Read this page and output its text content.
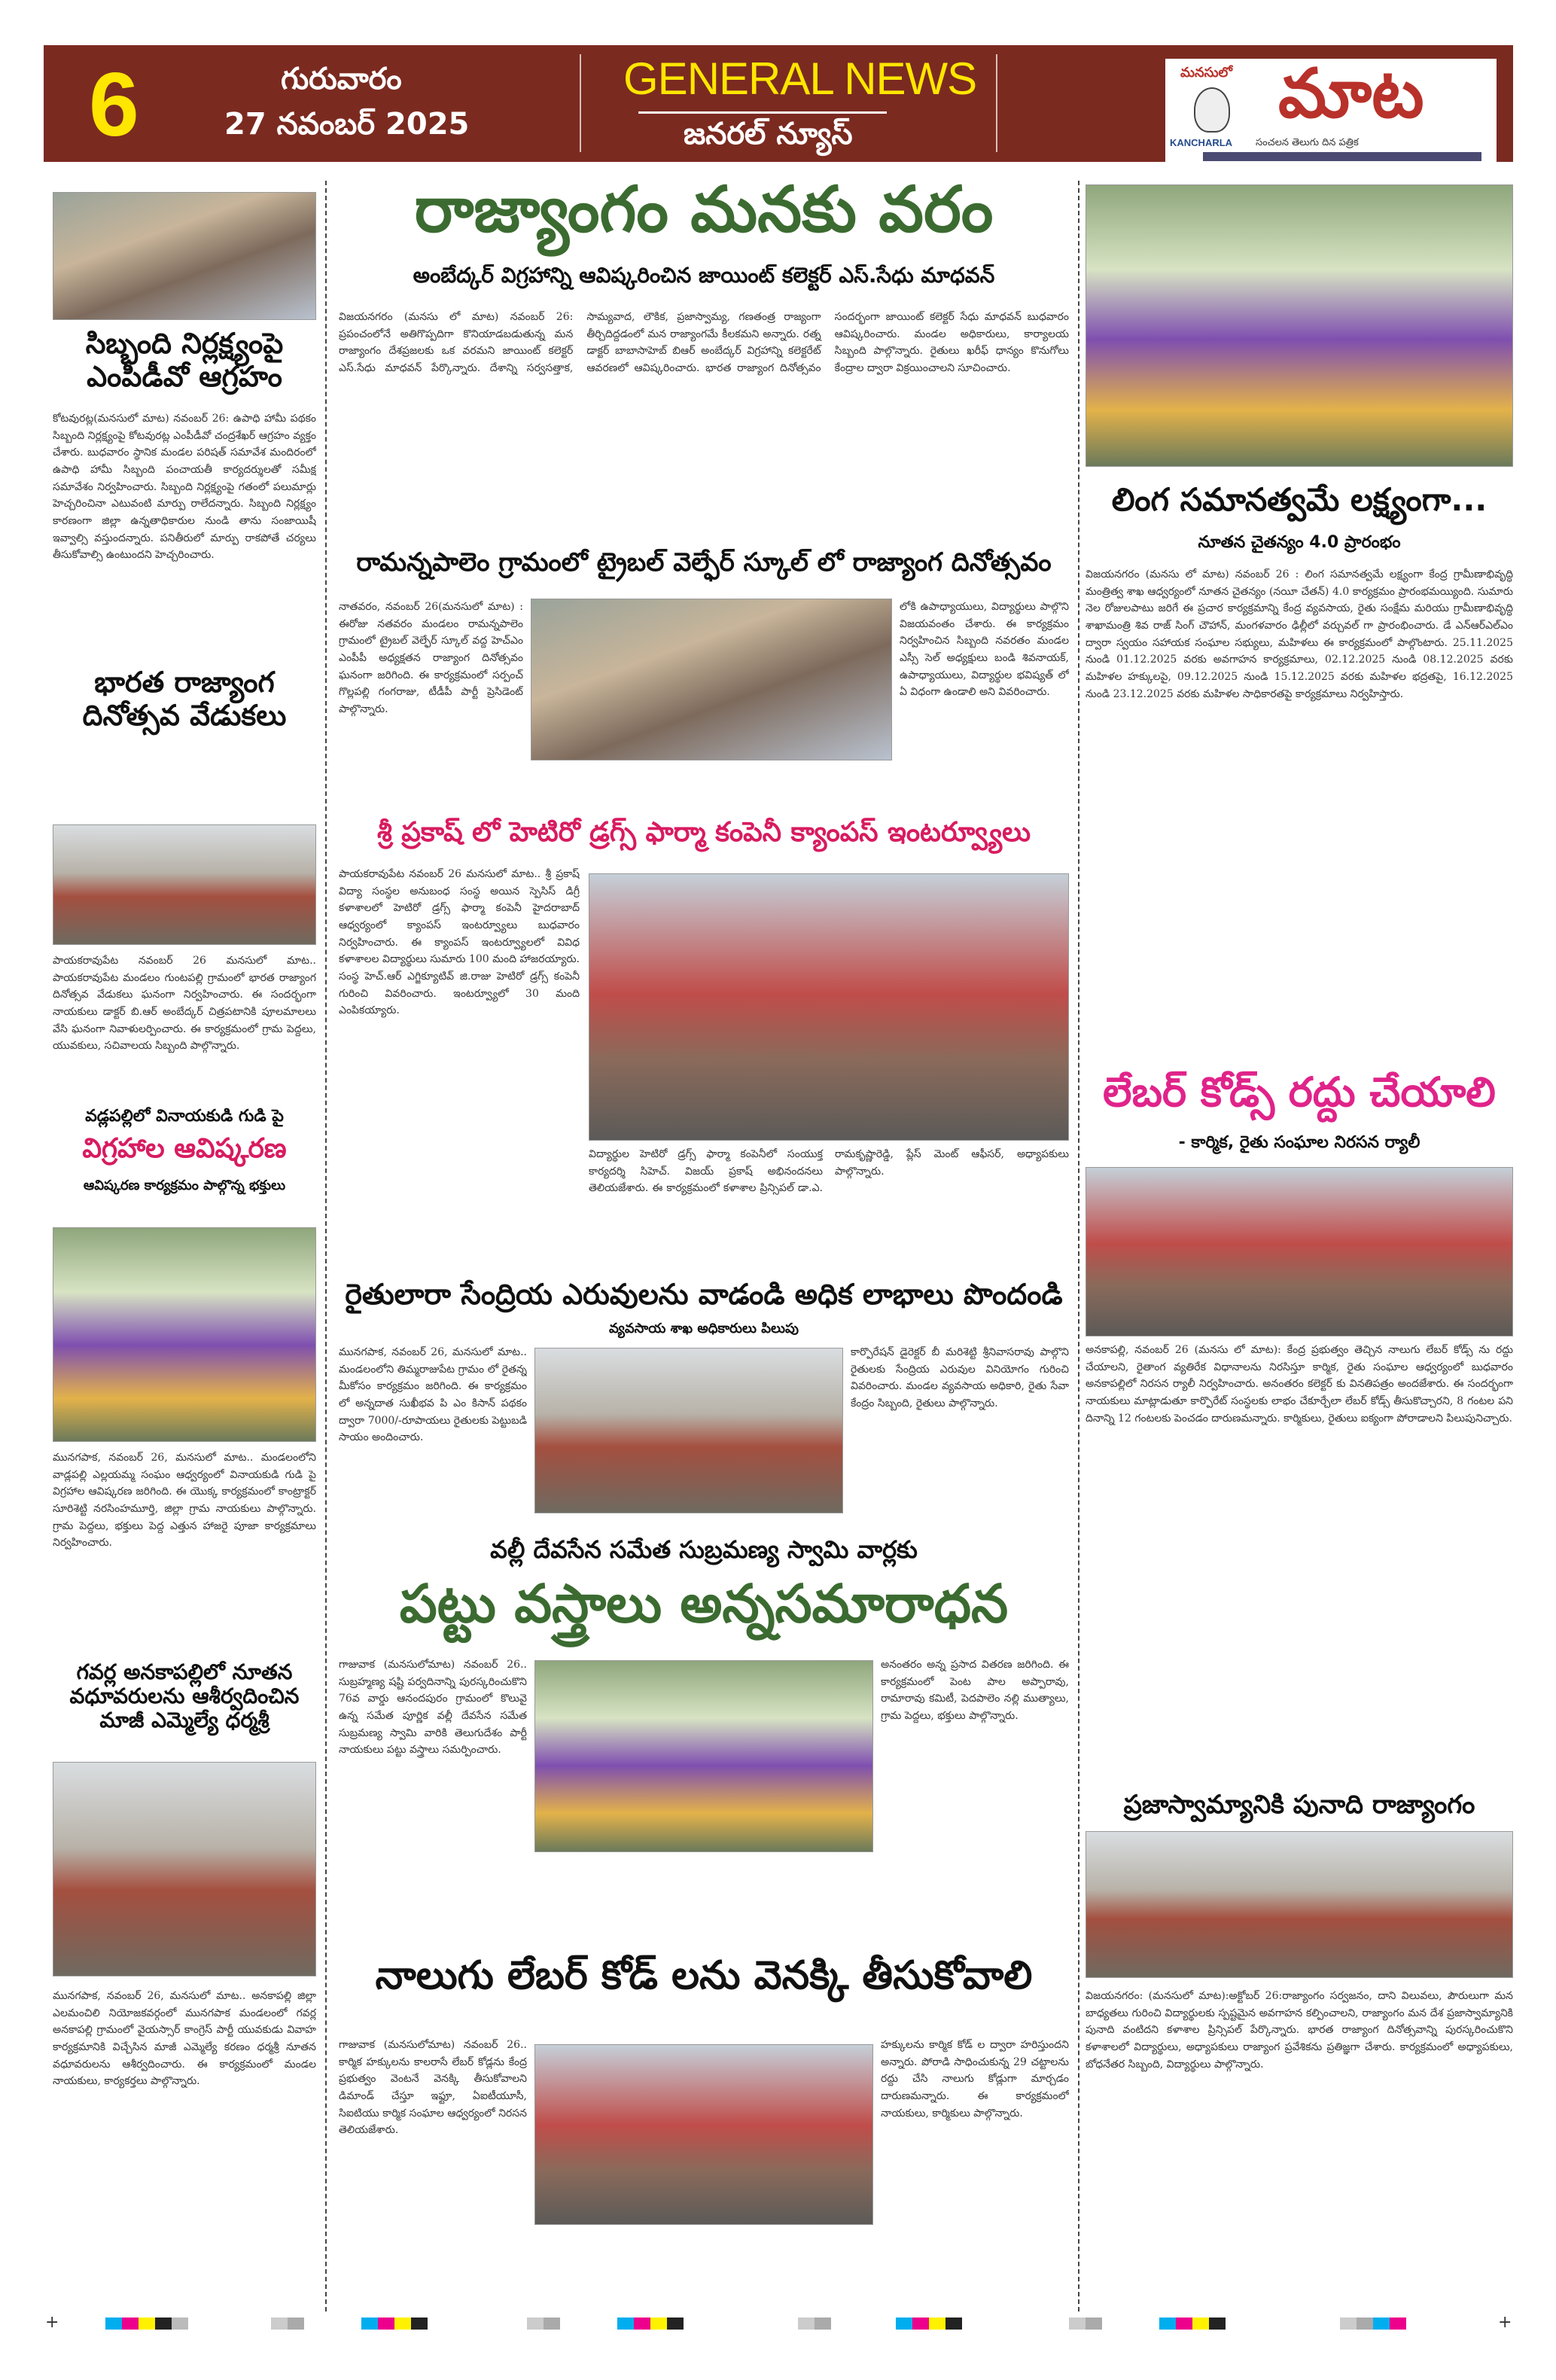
6	గురువారం
27 నవంబర్ 2025
GENERAL NEWS
జనరల్ న్యూస్
మనసులో మాట
KANCHARLA సంచలన తెలుగు దిన పత్రిక
సిబ్బంది నిర్లక్ష్యంపై ఎంపీడీవో ఆగ్రహం
కోటవురట్ల(మనసులో మాట) నవంబర్ 26: ఉపాధి హామీ పథకం సిబ్బంది నిర్లక్ష్యంపై కోటవురట్ల ఎంపీడీవో చంద్రశేఖర్ ఆగ్రహం వ్యక్తం చేశారు. బుధవారం స్థానిక మండల పరిషత్ సమావేశ మందిరంలో ఉపాధి హామీ సిబ్బంది పంచాయతీ కార్యదర్శులతో సమీక్ష సమావేశం నిర్వహించారు. సిబ్బంది నిర్లక్ష్యంపై గతంలో పలుమార్లు హెచ్చరించినా ఎటువంటి మార్పు రాలేదన్నారు. సిబ్బంది నిర్లక్ష్యం కారణంగా జిల్లా ఉన్నతాధికారుల నుండి తాను సంజాయిషీ ఇవ్వాల్సి వస్తుందన్నారు. పనితీరులో మార్పు రాకపోతే చర్యలు తీసుకోవాల్సి ఉంటుందని హెచ్చరించారు.
భారత రాజ్యాంగ దినోత్సవ వేడుకలు
పాయకరావుపేట నవంబర్ 26 మనసులో మాట.. పాయకరావుపేట మండలం గుంటపల్లి గ్రామంలో భారత రాజ్యాంగ దినోత్సవ వేడుకలు ఘనంగా నిర్వహించారు. ఈ సందర్భంగా నాయకులు డాక్టర్ బి.ఆర్ అంబేద్కర్ చిత్రపటానికి పూలమాలలు వేసి ఘనంగా నివాళులర్పించారు. ఈ కార్యక్రమంలో గ్రామ పెద్దలు, యువకులు, సచివాలయ సిబ్బంది పాల్గొన్నారు.
వడ్లపల్లిలో వినాయకుడి గుడి పై
విగ్రహాల ఆవిష్కరణ
ఆవిష్కరణ కార్యక్రమం పాల్గొన్న భక్తులు
మునగపాక, నవంబర్ 26, మనసులో మాట.. మండలంలోని వాడ్లపల్లి ఎల్లయమ్మ సంఘం ఆధ్వర్యంలో వినాయకుడి గుడి పై విగ్రహాల ఆవిష్కరణ జరిగింది. ఈ యొక్క కార్యక్రమంలో కాంట్రాక్టర్ సూరిశెట్టి నరసింహమూర్తి, జిల్లా గ్రామ నాయకులు పాల్గొన్నారు. గ్రామ పెద్దలు, భక్తులు పెద్ద ఎత్తున హాజరై పూజా కార్యక్రమాలు నిర్వహించారు.
గవర్ల అనకాపల్లిలో నూతన వధూవరులను ఆశీర్వదించిన మాజీ ఎమ్మెల్యే ధర్మశ్రీ
మునగపాక, నవంబర్ 26, మనసులో మాట.. అనకాపల్లి జిల్లా ఎలమంచిలి నియోజకవర్గంలో మునగపాక మండలంలో గవర్ల అనకాపల్లి గ్రామంలో వైయస్సార్ కాంగ్రెస్ పార్టీ యువకుడు వివాహ కార్యక్రమానికి విచ్చేసిన మాజీ ఎమ్మెల్యే కరణం ధర్మశ్రీ నూతన వధూవరులను ఆశీర్వదించారు. ఈ కార్యక్రమంలో మండల నాయకులు, కార్యకర్తలు పాల్గొన్నారు.
రాజ్యాంగం మనకు వరం
అంబేద్కర్ విగ్రహాన్ని ఆవిష్కరించిన జాయింట్ కలెక్టర్ ఎస్.సేధు మాధవన్
విజయనగరం (మనసు లో మాట) నవంబర్ 26: ప్రపంచంలోనే అతిగొప్పదిగా కొనియాడబడుతున్న మన రాజ్యాంగం దేశప్రజలకు ఒక వరమని జాయింట్ కలెక్టర్ ఎస్.సేధు మాధవన్ పేర్కొన్నారు. దేశాన్ని సర్వసత్తాక, సామ్యవాద, లౌకిక, ప్రజాస్వామ్య, గణతంత్ర రాజ్యంగా తీర్చిదిద్దడంలో మన రాజ్యాంగమే కీలకమని అన్నారు. రత్న డాక్టర్ బాబాసాహెబ్ బిఆర్ అంబేద్కర్ విగ్రహాన్ని కలెక్టరేట్ ఆవరణలో ఆవిష్కరించారు. భారత రాజ్యాంగ దినోత్సవం సందర్భంగా జాయింట్ కలెక్టర్ సేధు మాధవన్ బుధవారం ఆవిష్కరించారు. మండల అధికారులు, కార్యాలయ సిబ్బంది పాల్గొన్నారు. రైతులు ఖరీఫ్ ధాన్యం కొనుగోలు కేంద్రాల ద్వారా విక్రయించాలని సూచించారు.
రామన్నపాలెం గ్రామంలో ట్రైబల్ వెల్ఫేర్ స్కూల్ లో రాజ్యాంగ దినోత్సవం
నాతవరం, నవంబర్ 26(మనసులో మాట) : ఈరోజు నతవరం మండలం రామన్నపాలెం గ్రామంలో ట్రైబల్ వెల్ఫేర్ స్కూల్ వద్ద హెచ్ఎం ఎంపీపీ అధ్యక్షతన రాజ్యాంగ దినోత్సవం ఘనంగా జరిగింది. ఈ కార్యక్రమంలో సర్పంచ్ గొల్లపల్లి గంగరాజు, టీడీపీ పార్టీ ప్రెసిడెంట్ పాల్గొన్నారు.
లోకి ఉపాధ్యాయులు, విద్యార్థులు పాల్గొని విజయవంతం చేశారు. ఈ కార్యక్రమం నిర్వహించిన సిబ్బంది నవరతం మండల ఎస్సీ సెల్ అధ్యక్షులు బండి శివనాయక్, ఉపాధ్యాయులు, విద్యార్థుల భవిష్యత్ లో ఏ విధంగా ఉండాలి అని వివరించారు.
శ్రీ ప్రకాష్ లో హెటిరో డ్రగ్స్ ఫార్మా కంపెనీ క్యాంపస్ ఇంటర్వ్యూలు
పాయకరావుపేట నవంబర్ 26 మనసులో మాట.. శ్రీ ప్రకాష్ విద్యా సంస్థల అనుబంధ సంస్థ అయిన స్పెసిస్ డిగ్రీ కళాశాలలో హెటిరో డ్రగ్స్ ఫార్మా కంపెనీ హైదరాబాద్ ఆధ్వర్యంలో క్యాంపస్ ఇంటర్వ్యూలు బుధవారం నిర్వహించారు. ఈ క్యాంపస్ ఇంటర్వ్యూలలో వివిధ కళాశాలల విద్యార్థులు సుమారు 100 మంది హాజరయ్యారు. సంస్థ హెచ్.ఆర్ ఎగ్జిక్యూటివ్ జి.రాజు హెటిరో డ్రగ్స్ కంపెనీ గురించి వివరించారు. ఇంటర్వ్యూలో 30 మంది ఎంపికయ్యారు.
విద్యార్థుల హెటిరో డ్రగ్స్ ఫార్మా కంపెనీలో సంయుక్త కార్యదర్శి సిహెచ్. విజయ్ ప్రకాష్ అభినందనలు తెలియజేశారు. ఈ కార్యక్రమంలో కళాశాల ప్రిన్సిపల్ డా.ఎ. రామకృష్ణారెడ్డి, ప్లేస్ మెంట్ ఆఫీసర్, అధ్యాపకులు పాల్గొన్నారు.
రైతులారా సేంద్రియ ఎరువులను వాడండి అధిక లాభాలు పొందండి
వ్యవసాయ శాఖ అధికారులు పిలుపు
మునగపాక, నవంబర్ 26, మనసులో మాట.. మండలంలోని తిమ్మరాజుపేట గ్రామం లో రైతన్న మీకోసం కార్యక్రమం జరిగింది. ఈ కార్యక్రమం లో అన్నదాత సుఖీభవ పి ఎం కిసాన్ పథకం ద్వారా 7000/-రూపాయలు రైతులకు పెట్టుబడి సాయం అందించారు.
కార్పొరేషన్ డైరెక్టర్ బీ మరిశెట్టి శ్రీనివాసరావు పాల్గొని రైతులకు సేంద్రియ ఎరువుల వినియోగం గురించి వివరించారు. మండల వ్యవసాయ అధికారి, రైతు సేవా కేంద్రం సిబ్బంది, రైతులు పాల్గొన్నారు.
వల్లీ దేవసేన సమేత సుబ్రమణ్య స్వామి వార్లకు
పట్టు వస్త్రాలు అన్నసమారాధన
గాజువాక (మనసులోమాట) నవంబర్ 26.. సుబ్రహ్మణ్య షష్టి పర్వదినాన్ని పురస్కరించుకొని 76వ వార్డు ఆనందపురం గ్రామంలో కొలువై ఉన్న సమేత పూర్ణిక వల్లీ దేవసేన సమేత సుబ్రమణ్య స్వామి వారికి తెలుగుదేశం పార్టీ నాయకులు పట్టు వస్త్రాలు సమర్పించారు.
అనంతరం అన్న ప్రసాద వితరణ జరిగింది. ఈ కార్యక్రమంలో పెంట పాల అప్పారావు, రామారావు కమిటీ, పెదపాలెం నల్లి ముత్యాలు, గ్రామ పెద్దలు, భక్తులు పాల్గొన్నారు.
నాలుగు లేబర్ కోడ్ లను వెనక్కి తీసుకోవాలి
గాజువాక (మనసులోమాట) నవంబర్ 26.. కార్మిక హక్కులను కాలరాసే లేబర్ కోడ్లను కేంద్ర ప్రభుత్వం వెంటనే వెనక్కి తీసుకోవాలని డిమాండ్ చేస్తూ ఇఫ్టూ, ఏఐటీయూసీ, సిఐటియు కార్మిక సంఘాల ఆధ్వర్యంలో నిరసన తెలియజేశారు.
హక్కులను కార్మిక కోడ్ ల ద్వారా హరిస్తుందని అన్నారు. పోరాడి సాధించుకున్న 29 చట్టాలను రద్దు చేసి నాలుగు కోడ్లుగా మార్చడం దారుణమన్నారు. ఈ కార్యక్రమంలో నాయకులు, కార్మికులు పాల్గొన్నారు.
లింగ సమానత్వమే లక్ష్యంగా...
నూతన చైతన్యం 4.0 ప్రారంభం
విజయనగరం (మనసు లో మాట) నవంబర్ 26 : లింగ సమానత్వమే లక్ష్యంగా కేంద్ర గ్రామీణాభివృద్ధి మంత్రిత్వ శాఖ ఆధ్వర్యంలో నూతన చైతన్యం (నయీ చేతన్) 4.0 కార్యక్రమం ప్రారంభమయ్యింది. సుమారు నెల రోజులపాటు జరిగే ఈ ప్రచార కార్యక్రమాన్ని కేంద్ర వ్యవసాయ, రైతు సంక్షేమ మరియు గ్రామీణాభివృద్ధి శాఖామంత్రి శివ రాజ్ సింగ్ చౌహాన్, మంగళవారం ఢిల్లీలో వర్చువల్ గా ప్రారంభించారు. డే ఎన్ఆర్ఎల్ఎం ద్వారా స్వయం సహాయక సంఘాల సభ్యులు, మహిళలు ఈ కార్యక్రమంలో పాల్గొంటారు. 25.11.2025 నుండి 01.12.2025 వరకు అవగాహన కార్యక్రమాలు, 02.12.2025 నుండి 08.12.2025 వరకు మహిళల హక్కులపై, 09.12.2025 నుండి 15.12.2025 వరకు మహిళల భద్రతపై, 16.12.2025 నుండి 23.12.2025 వరకు మహిళల సాధికారతపై కార్యక్రమాలు నిర్వహిస్తారు.
లేబర్ కోడ్స్ రద్దు చేయాలి
- కార్మిక, రైతు సంఘాల నిరసన ర్యాలీ
అనకాపల్లి, నవంబర్ 26 (మనసు లో మాట): కేంద్ర ప్రభుత్వం తెచ్చిన నాలుగు లేబర్ కోడ్స్ ను రద్దు చేయాలని, రైతాంగ వ్యతిరేక విధానాలను నిరసిస్తూ కార్మిక, రైతు సంఘాల ఆధ్వర్యంలో బుధవారం అనకాపల్లిలో నిరసన ర్యాలీ నిర్వహించారు. అనంతరం కలెక్టర్ కు వినతిపత్రం అందజేశారు. ఈ సందర్భంగా నాయకులు మాట్లాడుతూ కార్పొరేట్ సంస్థలకు లాభం చేకూర్చేలా లేబర్ కోడ్స్ తీసుకొచ్చారని, 8 గంటల పని దినాన్ని 12 గంటలకు పెంచడం దారుణమన్నారు. కార్మికులు, రైతులు ఐక్యంగా పోరాడాలని పిలుపునిచ్చారు.
ప్రజాస్వామ్యానికి పునాది రాజ్యాంగం
విజయనగరం: (మనసులో మాట):అక్టోబర్ 26:రాజ్యాంగం సర్వజనం, దాని విలువలు, పౌరులుగా మన బాధ్యతలు గురించి విద్యార్థులకు స్పష్టమైన అవగాహన కల్పించాలని, రాజ్యాంగం మన దేశ ప్రజాస్వామ్యానికి పునాది వంటిదని కళాశాల ప్రిన్సిపల్ పేర్కొన్నారు. భారత రాజ్యాంగ దినోత్సవాన్ని పురస్కరించుకొని కళాశాలలో విద్యార్థులు, అధ్యాపకులు రాజ్యాంగ ప్రవేశికను ప్రతిజ్ఞగా చేశారు. కార్యక్రమంలో అధ్యాపకులు, బోధనేతర సిబ్బంది, విద్యార్థులు పాల్గొన్నారు.
+	+
